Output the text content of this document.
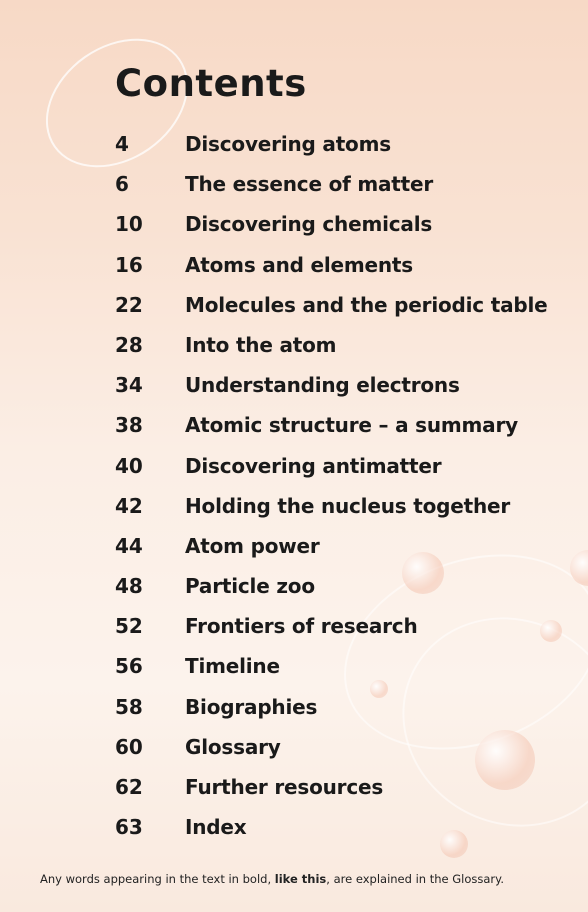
Contents
4	Discovering atoms
6	The essence of matter
10	Discovering chemicals
16	Atoms and elements
22	Molecules and the periodic table
28	Into the atom
34	Understanding electrons
38	Atomic structure – a summary
40	Discovering antimatter
42	Holding the nucleus together
44	Atom power
48	Particle zoo
52	Frontiers of research
56	Timeline
58	Biographies
60	Glossary
62	Further resources
63	Index

Any words appearing in the text in bold, like this, are explained in the Glossary.
